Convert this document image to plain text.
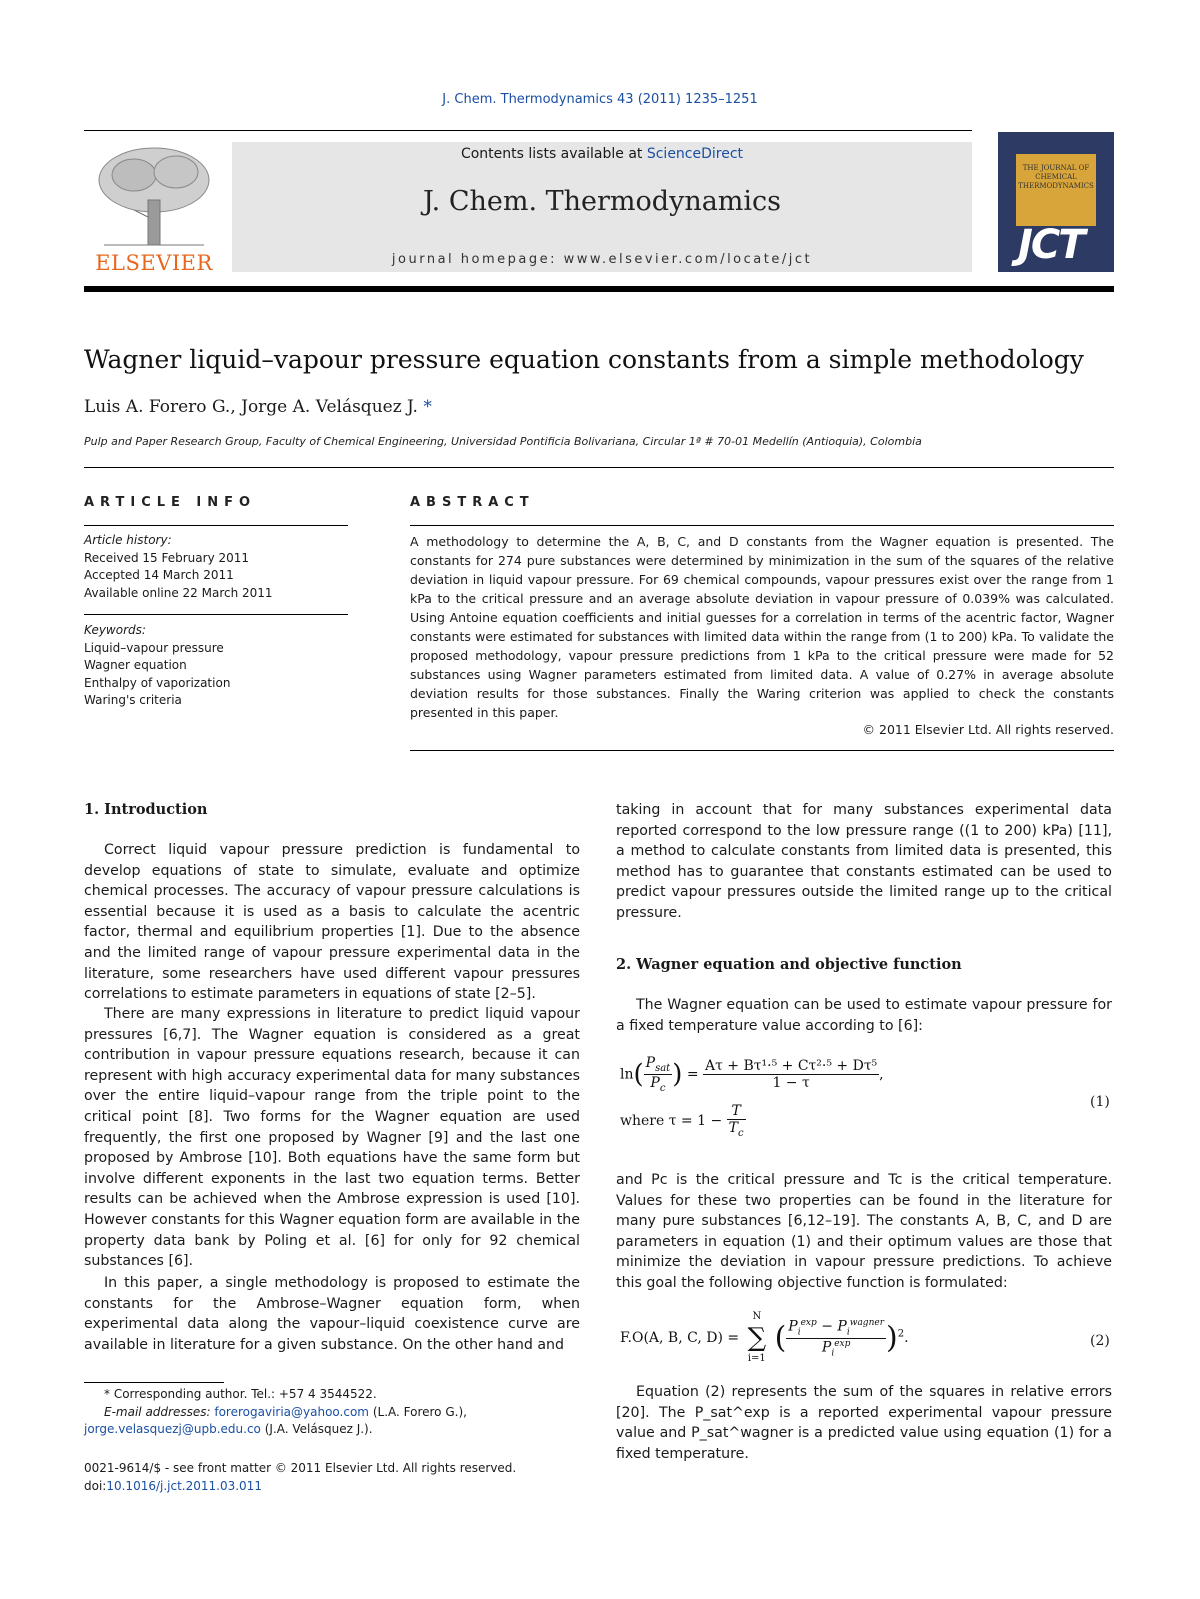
J. Chem. Thermodynamics 43 (2011) 1235–1251
ELSEVIER
Contents lists available at ScienceDirect
J. Chem. Thermodynamics
journal homepage: www.elsevier.com/locate/jct
THE JOURNAL OF CHEMICAL THERMODYNAMICS
JCT
Wagner liquid–vapour pressure equation constants from a simple methodology
Luis A. Forero G., Jorge A. Velásquez J. *
Pulp and Paper Research Group, Faculty of Chemical Engineering, Universidad Pontificia Bolivariana, Circular 1ª # 70-01 Medellín (Antioquia), Colombia
ARTICLE INFO
Article history:
Received 15 February 2011
Accepted 14 March 2011
Available online 22 March 2011
Keywords:
Liquid–vapour pressure
Wagner equation
Enthalpy of vaporization
Waring's criteria
ABSTRACT
A methodology to determine the A, B, C, and D constants from the Wagner equation is presented. The constants for 274 pure substances were determined by minimization in the sum of the squares of the relative deviation in liquid vapour pressure. For 69 chemical compounds, vapour pressures exist over the range from 1 kPa to the critical pressure and an average absolute deviation in vapour pressure of 0.039% was calculated. Using Antoine equation coefficients and initial guesses for a correlation in terms of the acentric factor, Wagner constants were estimated for substances with limited data within the range from (1 to 200) kPa. To validate the proposed methodology, vapour pressure predictions from 1 kPa to the critical pressure were made for 52 substances using Wagner parameters estimated from limited data. A value of 0.27% in average absolute deviation results for those substances. Finally the Waring criterion was applied to check the constants presented in this paper.
© 2011 Elsevier Ltd. All rights reserved.
1. Introduction
Correct liquid vapour pressure prediction is fundamental to develop equations of state to simulate, evaluate and optimize chemical processes. The accuracy of vapour pressure calculations is essential because it is used as a basis to calculate the acentric factor, thermal and equilibrium properties [1]. Due to the absence and the limited range of vapour pressure experimental data in the literature, some researchers have used different vapour pressures correlations to estimate parameters in equations of state [2–5].
There are many expressions in literature to predict liquid vapour pressures [6,7]. The Wagner equation is considered as a great contribution in vapour pressure equations research, because it can represent with high accuracy experimental data for many substances over the entire liquid–vapour range from the triple point to the critical point [8]. Two forms for the Wagner equation are used frequently, the first one proposed by Wagner [9] and the last one proposed by Ambrose [10]. Both equations have the same form but involve different exponents in the last two equation terms. Better results can be achieved when the Ambrose expression is used [10]. However constants for this Wagner equation form are available in the property data bank by Poling et al. [6] for only for 92 chemical substances [6].
In this paper, a single methodology is proposed to estimate the constants for the Ambrose–Wagner equation form, when experimental data along the vapour–liquid coexistence curve are available in literature for a given substance. On the other hand and
taking in account that for many substances experimental data reported correspond to the low pressure range ((1 to 200) kPa) [11], a method to calculate constants from limited data is presented, this method has to guarantee that constants estimated can be used to predict vapour pressures outside the limited range up to the critical pressure.
2. Wagner equation and objective function
The Wagner equation can be used to estimate vapour pressure for a fixed temperature value according to [6]:
$\ln( \frac{P_{sat}}{P_c}$ ) = $\frac{\text{Aτ + Bτ¹·⁵ + Cτ²·⁵ + Dτ⁵}}{1 - \tau}$ ,
where $\tau = 1 - \frac{T}{T_c}$
(1)
and Pc is the critical pressure and Tc is the critical temperature. Values for these two properties can be found in the literature for many pure substances [6,12–19]. The constants A, B, C, and D are parameters in equation (1) and their optimum values are those that minimize the deviation in vapour pressure predictions. To achieve this goal the following objective function is formulated:
F.O(A, B, C, D) =
N
∑
i=1
( $\frac{P_i^{exp} - P_i^{wagner}}{P_i^{exp}} )^2$.	(2)
Equation (2) represents the sum of the squares in relative errors [20]. The P_sat^exp is a reported experimental vapour pressure value and P_sat^wagner is a predicted value using equation (1) for a fixed temperature.
* Corresponding author. Tel.: +57 4 3544522.
E-mail addresses: forerogaviria@yahoo.com (L.A. Forero G.), jorge.velasquezj@upb.edu.co (J.A. Velásquez J.).
0021-9614/$ - see front matter © 2011 Elsevier Ltd. All rights reserved.
doi:10.1016/j.jct.2011.03.011
